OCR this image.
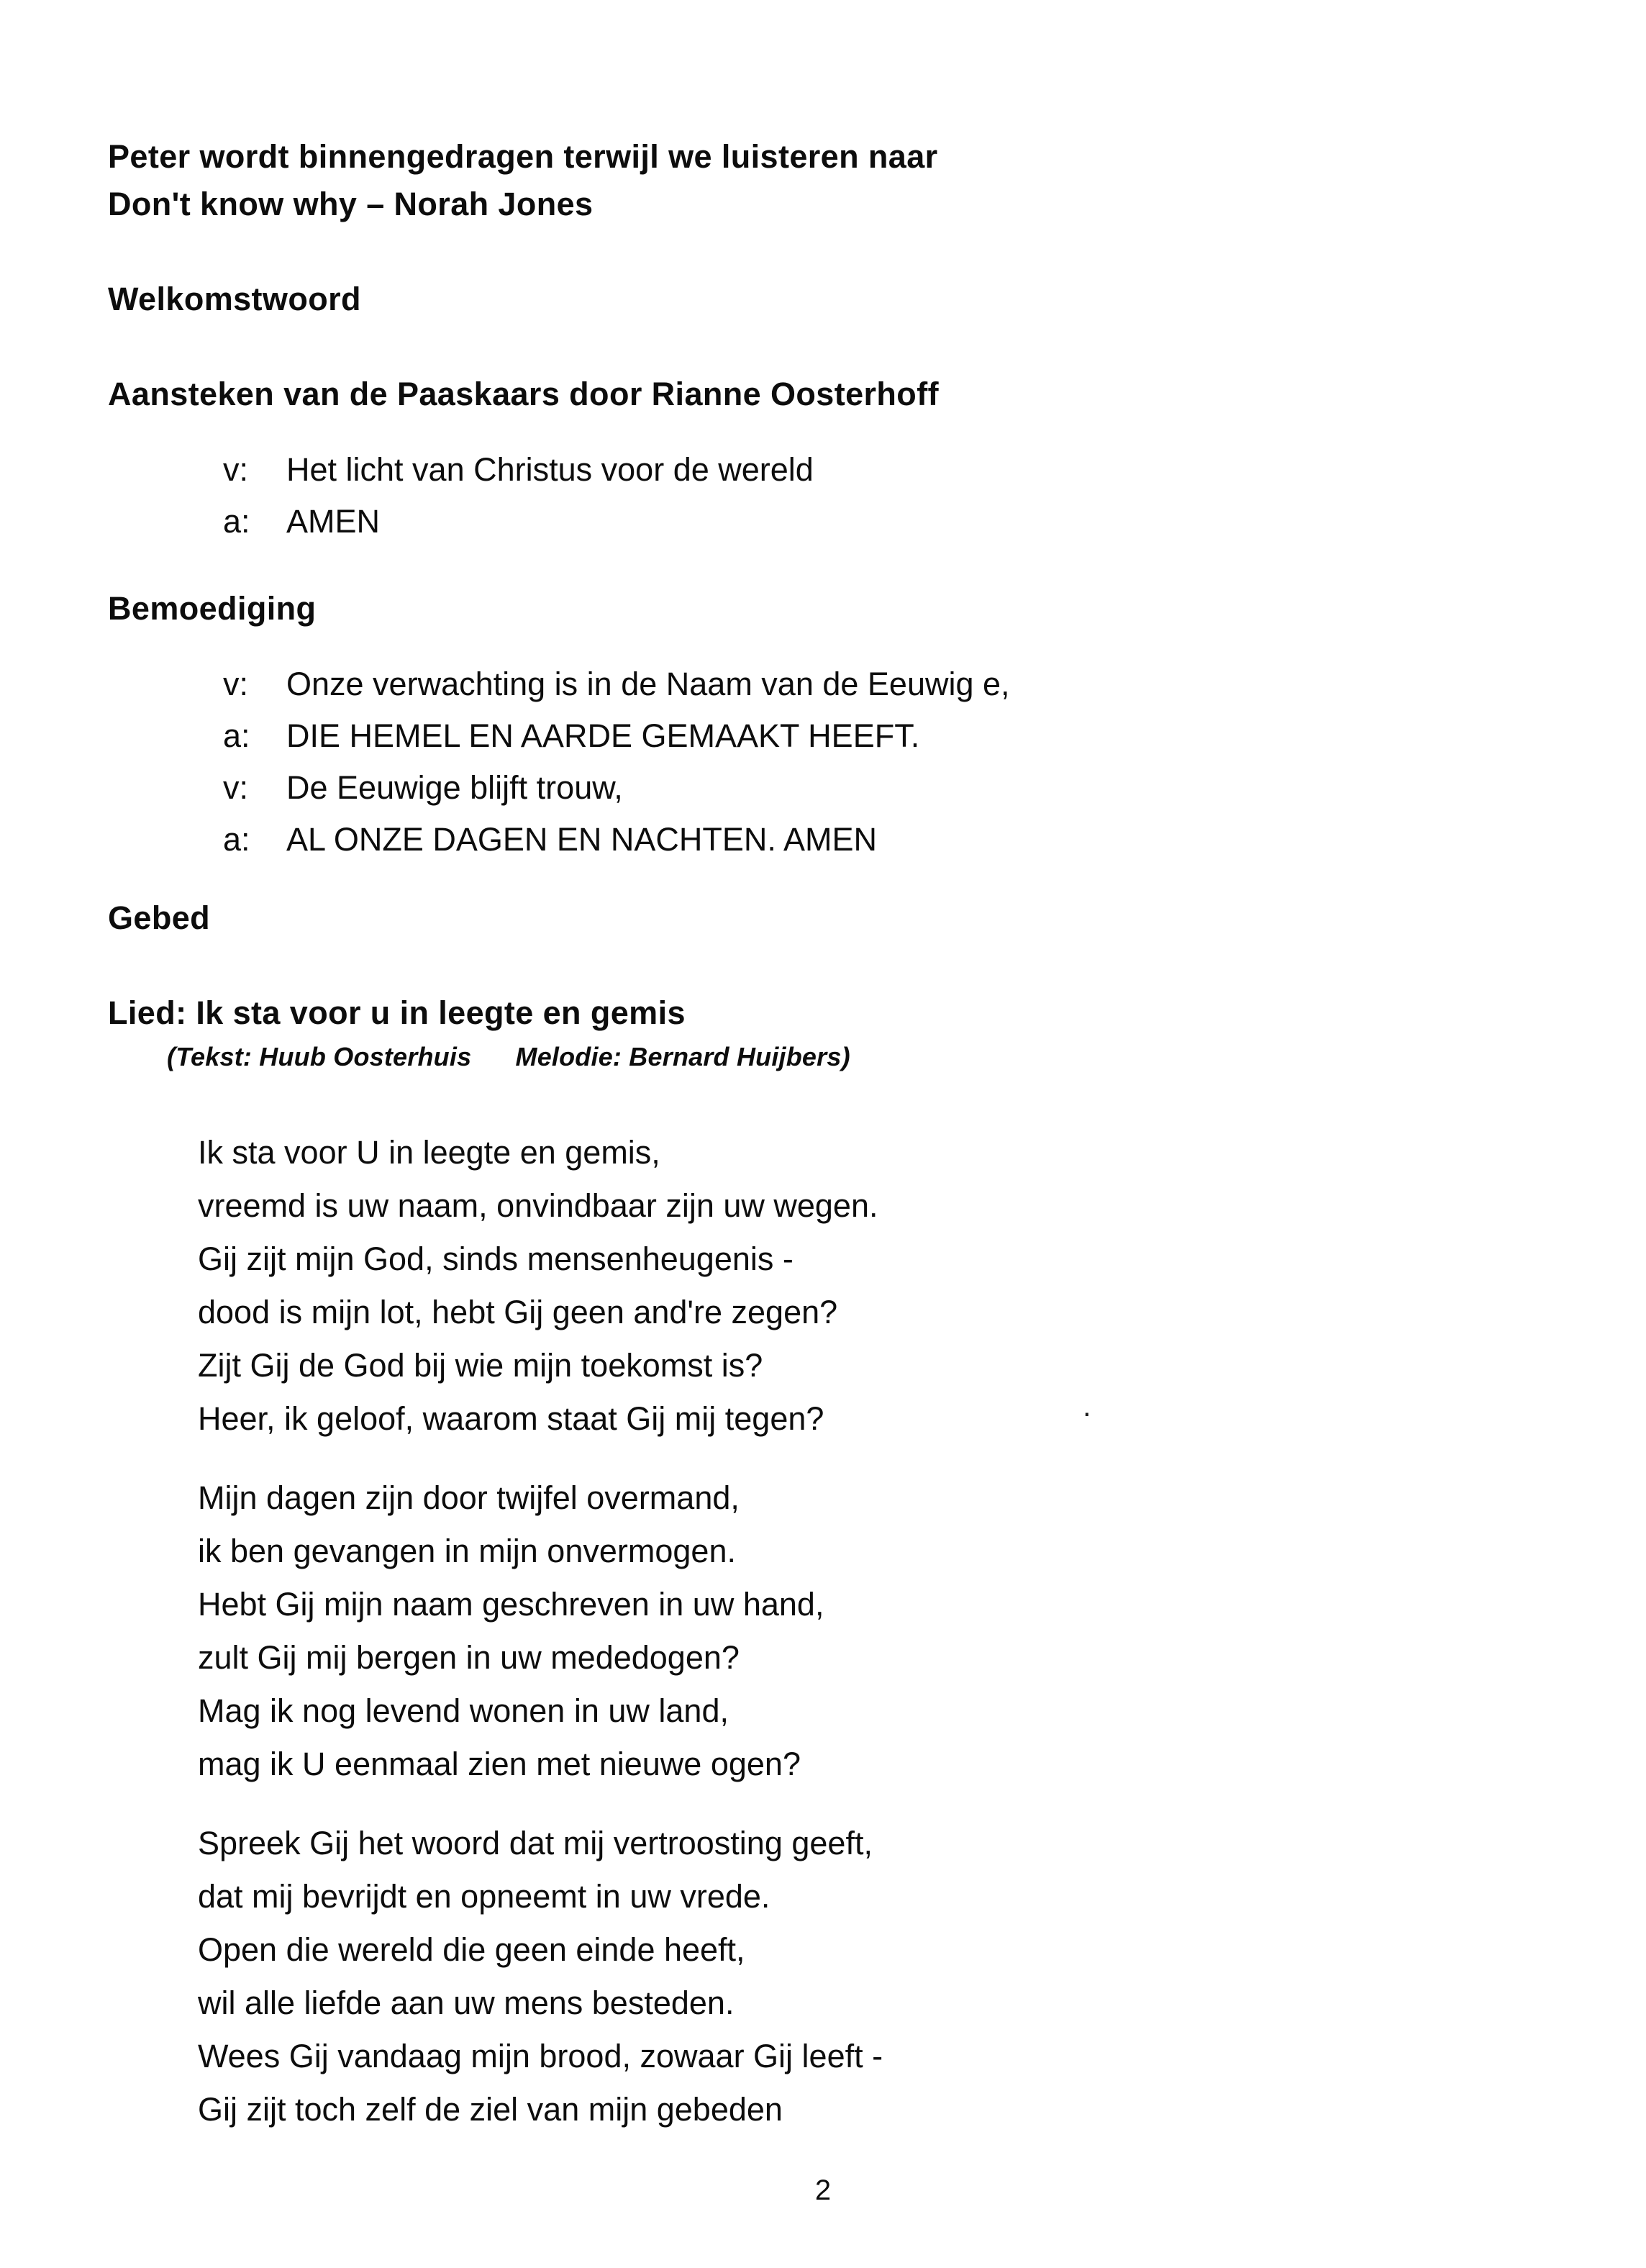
Peter wordt binnengedragen terwijl we luisteren naar
Don't know why – Norah Jones
Welkomstwoord
Aansteken van de Paaskaars door Rianne Oosterhoff
v: Het licht van Christus voor de wereld
a: AMEN
Bemoediging
v: Onze verwachting is in de Naam van de Eeuwig e,
a: DIE HEMEL EN AARDE GEMAAKT HEEFT.
v: De Eeuwige blijft trouw,
a: AL ONZE DAGEN EN NACHTEN. AMEN
Gebed
Lied: Ik sta voor u in leegte en gemis
(Tekst: Huub Oosterhuis      Melodie: Bernard Huijbers)
Ik sta voor U in leegte en gemis,
vreemd is uw naam, onvindbaar zijn uw wegen.
Gij zijt mijn God, sinds mensenheugenis -
dood is mijn lot, hebt Gij geen and're zegen?
Zijt Gij de God bij wie mijn toekomst is?
Heer, ik geloof, waarom staat Gij mij tegen?	.
Mijn dagen zijn door twijfel overmand,
ik ben gevangen in mijn onvermogen.
Hebt Gij mijn naam geschreven in uw hand,
zult Gij mij bergen in uw mededogen?
Mag ik nog levend wonen in uw land,
mag ik U eenmaal zien met nieuwe ogen?
Spreek Gij het woord dat mij vertroosting geeft,
dat mij bevrijdt en opneemt in uw vrede.
Open die wereld die geen einde heeft,
wil alle liefde aan uw mens besteden.
Wees Gij vandaag mijn brood, zowaar Gij leeft -
Gij zijt toch zelf de ziel van mijn gebeden
2
